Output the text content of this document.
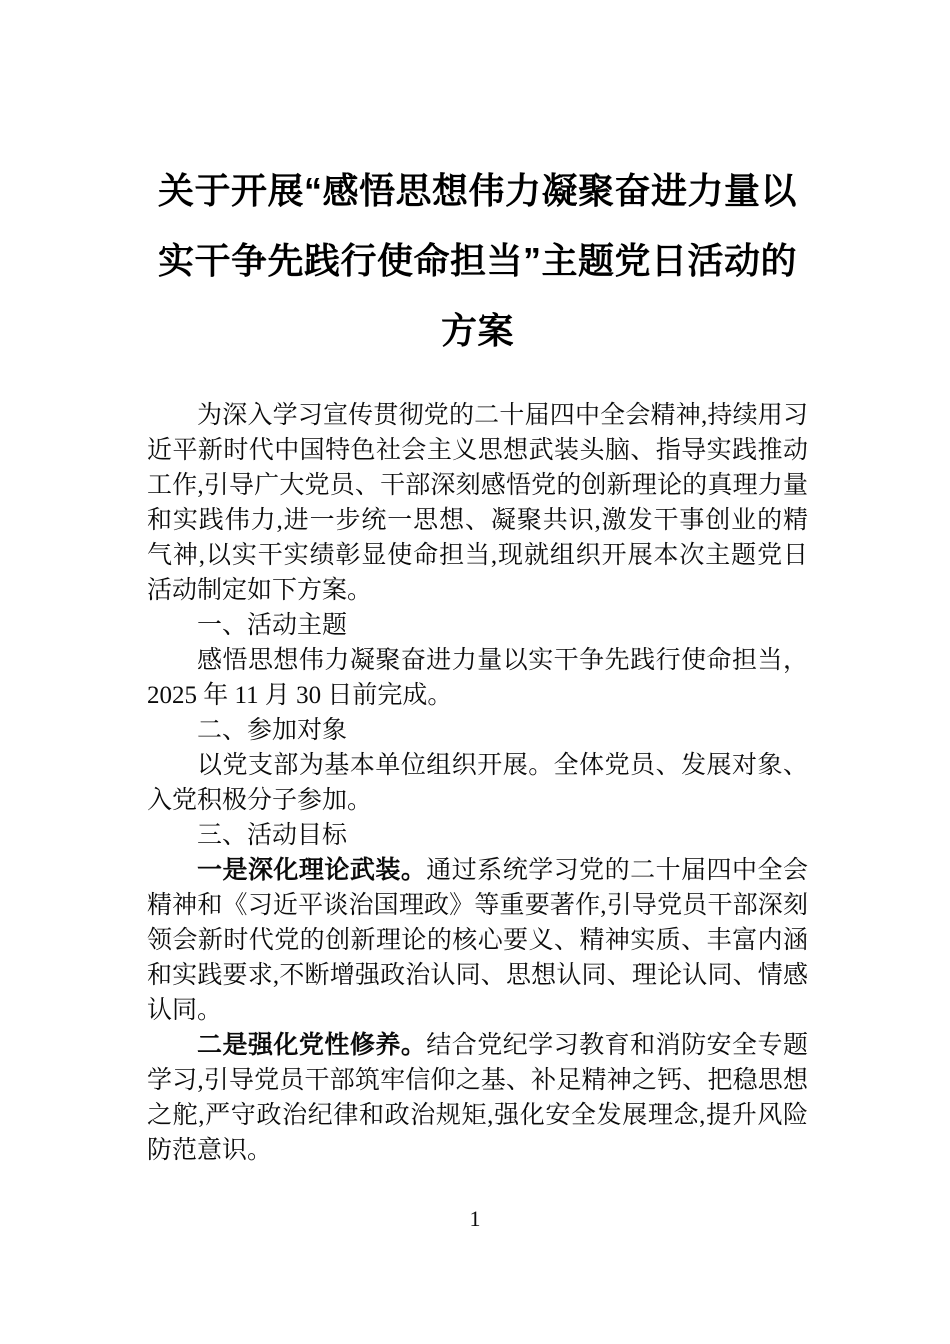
关于开展“感悟思想伟力凝聚奋进力量以
实干争先践行使命担当”主题党日活动的
方案

为深入学习宣传贯彻党的二十届四中全会精神,持续用习近平新时代中国特色社会主义思想武装头脑、指导实践推动工作,引导广大党员、干部深刻感悟党的创新理论的真理力量和实践伟力,进一步统一思想、凝聚共识,激发干事创业的精气神,以实干实绩彰显使命担当,现就组织开展本次主题党日活动制定如下方案。

一、活动主题

感悟思想伟力凝聚奋进力量以实干争先践行使命担当，2025 年 11 月 30 日前完成。

二、参加对象

以党支部为基本单位组织开展。全体党员、发展对象、入党积极分子参加。

三、活动目标

一是深化理论武装。通过系统学习党的二十届四中全会精神和《习近平谈治国理政》等重要著作,引导党员干部深刻领会新时代党的创新理论的核心要义、精神实质、丰富内涵和实践要求,不断增强政治认同、思想认同、理论认同、情感认同。

二是强化党性修养。结合党纪学习教育和消防安全专题学习,引导党员干部筑牢信仰之基、补足精神之钙、把稳思想之舵,严守政治纪律和政治规矩,强化安全发展理念,提升风险防范意识。

1
